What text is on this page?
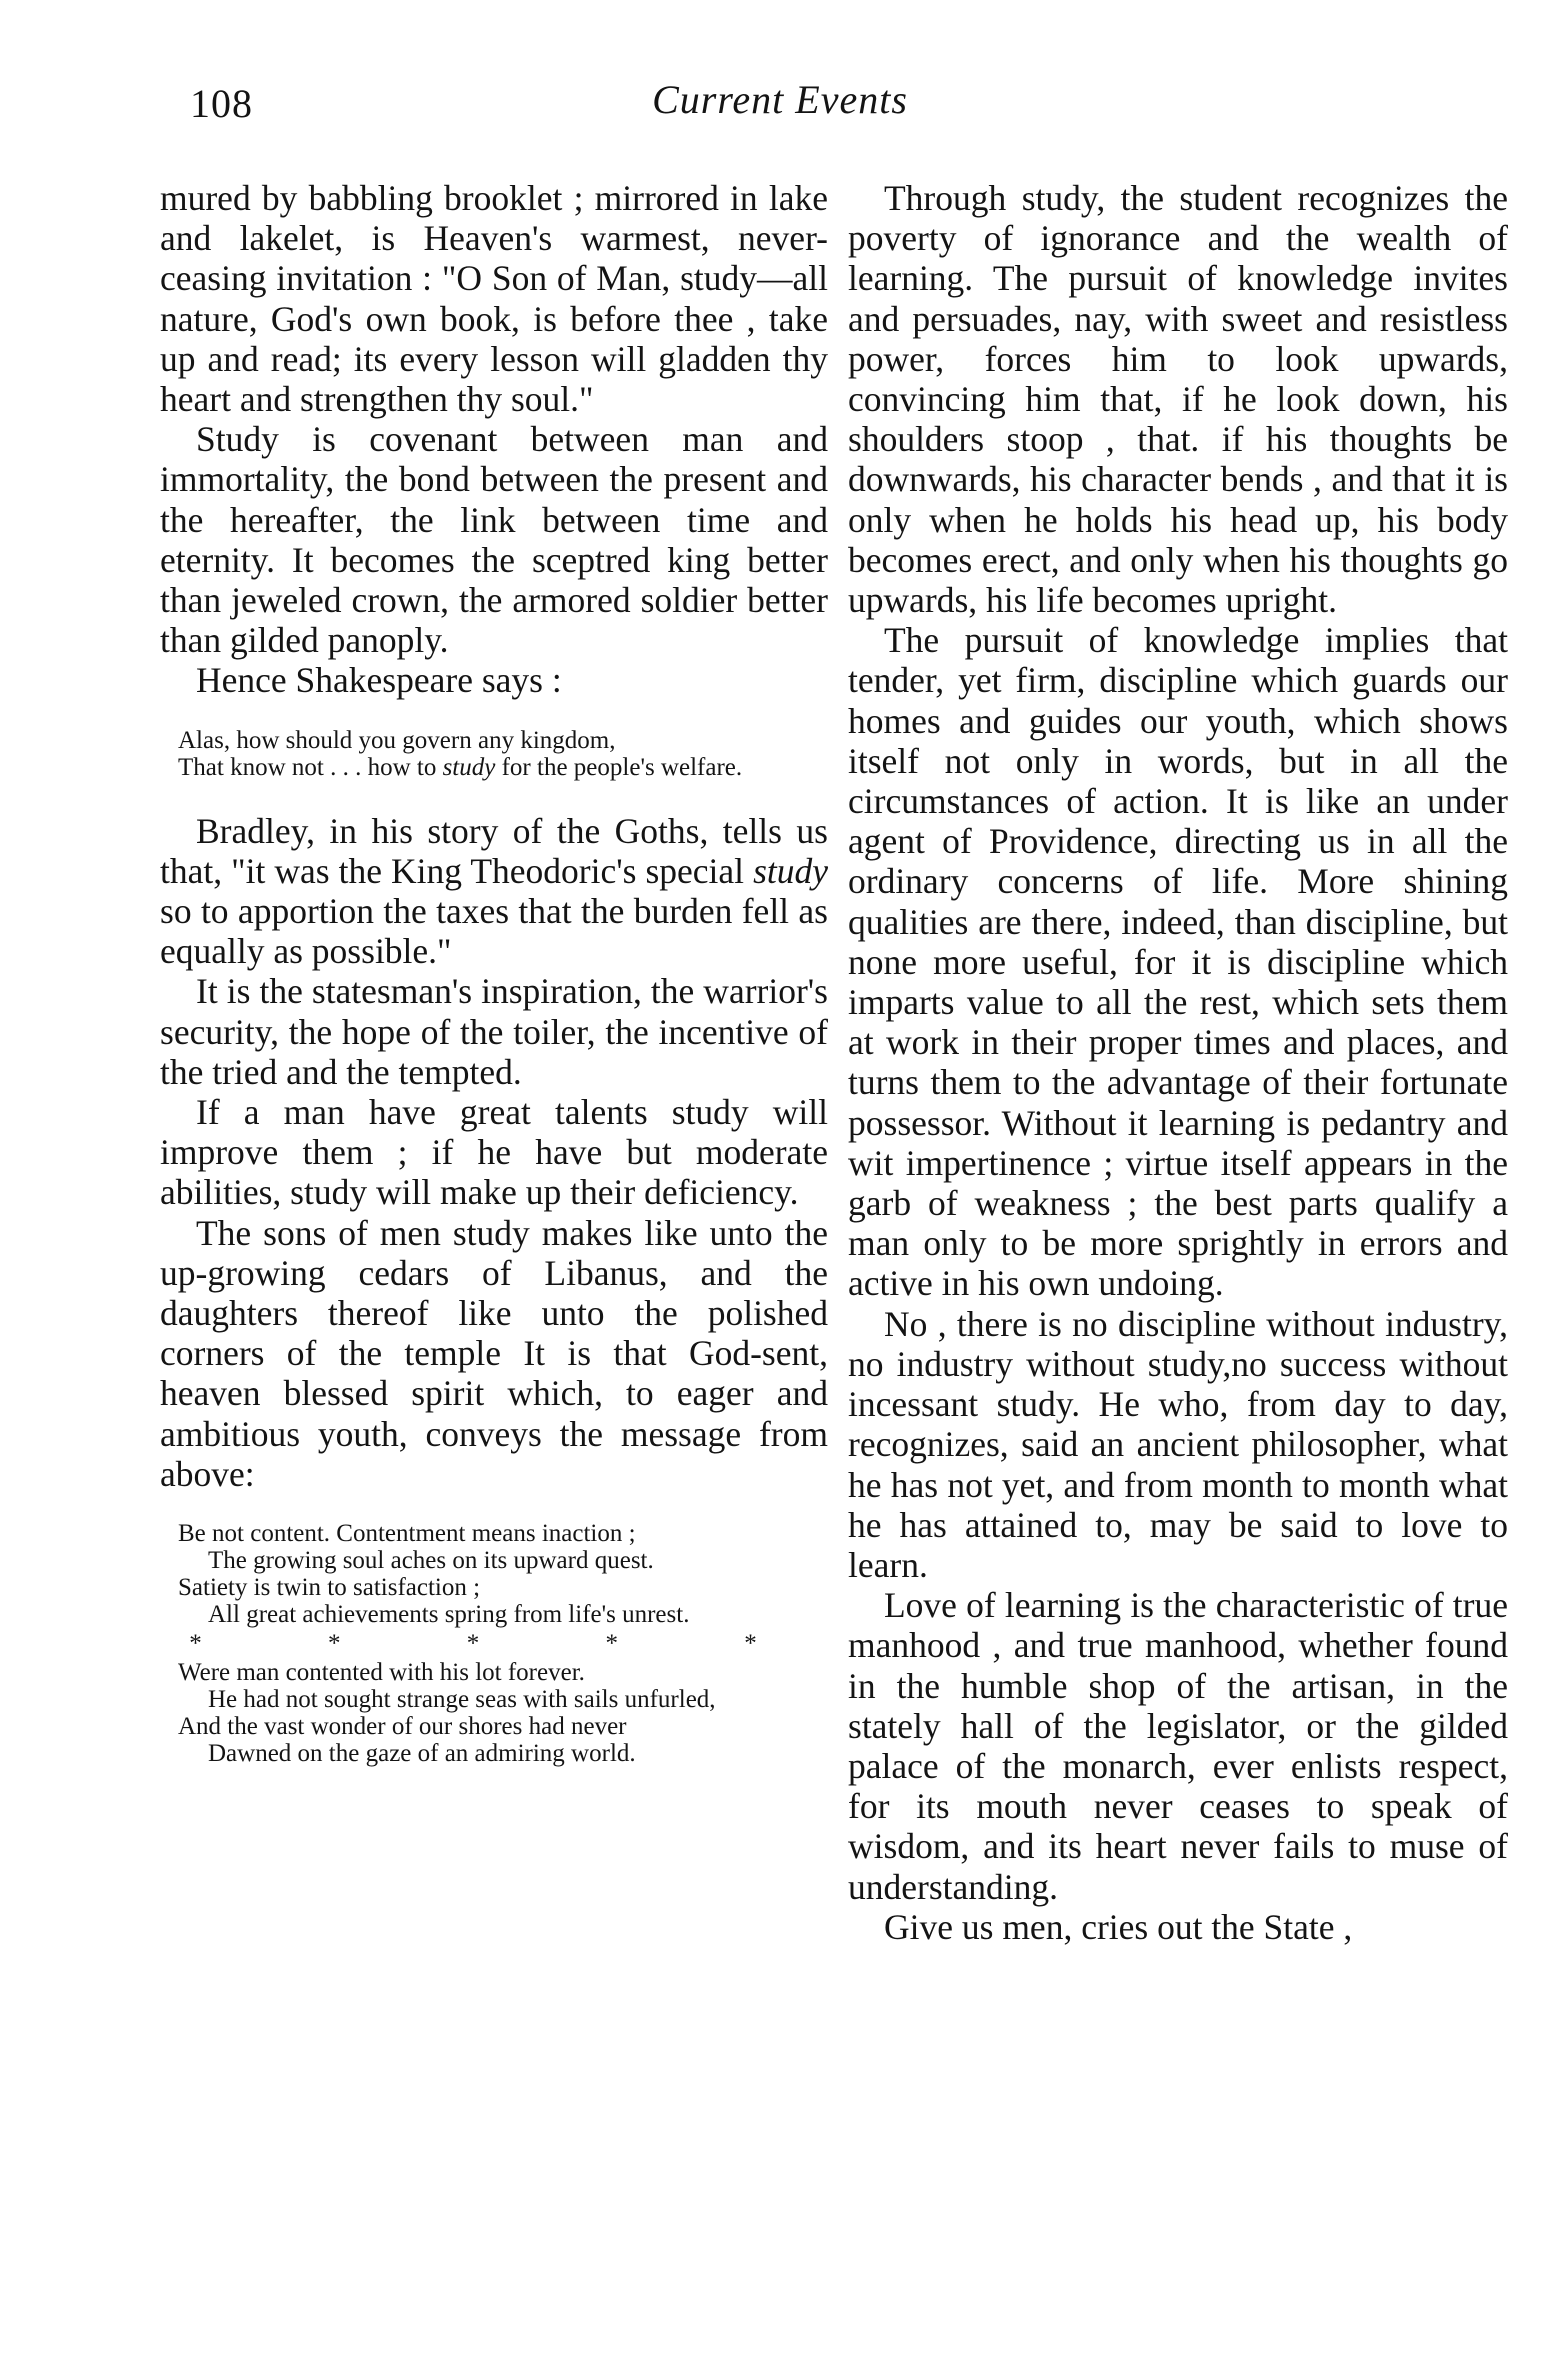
108	Current Events

mured by babbling brooklet ; mirrored in lake and lakelet, is Heaven's warmest, never-ceasing invitation : "O Son of Man, study—all nature, God's own book, is before thee , take up and read; its every lesson will gladden thy heart and strengthen thy soul."

Study is covenant between man and immortality, the bond between the present and the hereafter, the link between time and eternity. It becomes the sceptred king better than jeweled crown, the armored soldier better than gilded panoply.

Hence Shakespeare says :

Alas, how should you govern any kingdom,
That know not . . . how to study for the people's welfare.

Bradley, in his story of the Goths, tells us that, "it was the King Theodoric's special study so to apportion the taxes that the burden fell as equally as possible."

It is the statesman's inspiration, the warrior's security, the hope of the toiler, the incentive of the tried and the tempted.

If a man have great talents study will improve them ; if he have but moderate abilities, study will make up their deficiency.

The sons of men study makes like unto the up-growing cedars of Libanus, and the daughters thereof like unto the polished corners of the temple It is that God-sent, heaven blessed spirit which, to eager and ambitious youth, conveys the message from above:

Be not content. Contentment means inaction ;
The growing soul aches on its upward quest.
Satiety is twin to satisfaction ;
All great achievements spring from life's unrest.
* * * * *
Were man contented with his lot forever.
He had not sought strange seas with sails unfurled,
And the vast wonder of our shores had never
Dawned on the gaze of an admiring world.

Through study, the student recognizes the poverty of ignorance and the wealth of learning. The pursuit of knowledge invites and persuades, nay, with sweet and resistless power, forces him to look upwards, convincing him that, if he look down, his shoulders stoop , that. if his thoughts be downwards, his character bends , and that it is only when he holds his head up, his body becomes erect, and only when his thoughts go upwards, his life becomes upright.

The pursuit of knowledge implies that tender, yet firm, discipline which guards our homes and guides our youth, which shows itself not only in words, but in all the circumstances of action. It is like an under agent of Providence, directing us in all the ordinary concerns of life. More shining qualities are there, indeed, than discipline, but none more useful, for it is discipline which imparts value to all the rest, which sets them at work in their proper times and places, and turns them to the advantage of their fortunate possessor. Without it learning is pedantry and wit impertinence ; virtue itself appears in the garb of weakness ; the best parts qualify a man only to be more sprightly in errors and active in his own undoing.

No , there is no discipline without industry, no industry without study,no success without incessant study. He who, from day to day, recognizes, said an ancient philosopher, what he has not yet, and from month to month what he has attained to, may be said to love to learn.

Love of learning is the characteristic of true manhood , and true manhood, whether found in the humble shop of the artisan, in the stately hall of the legislator, or the gilded palace of the monarch, ever enlists respect, for its mouth never ceases to speak of wisdom, and its heart never fails to muse of understanding.

Give us men, cries out the State ,
